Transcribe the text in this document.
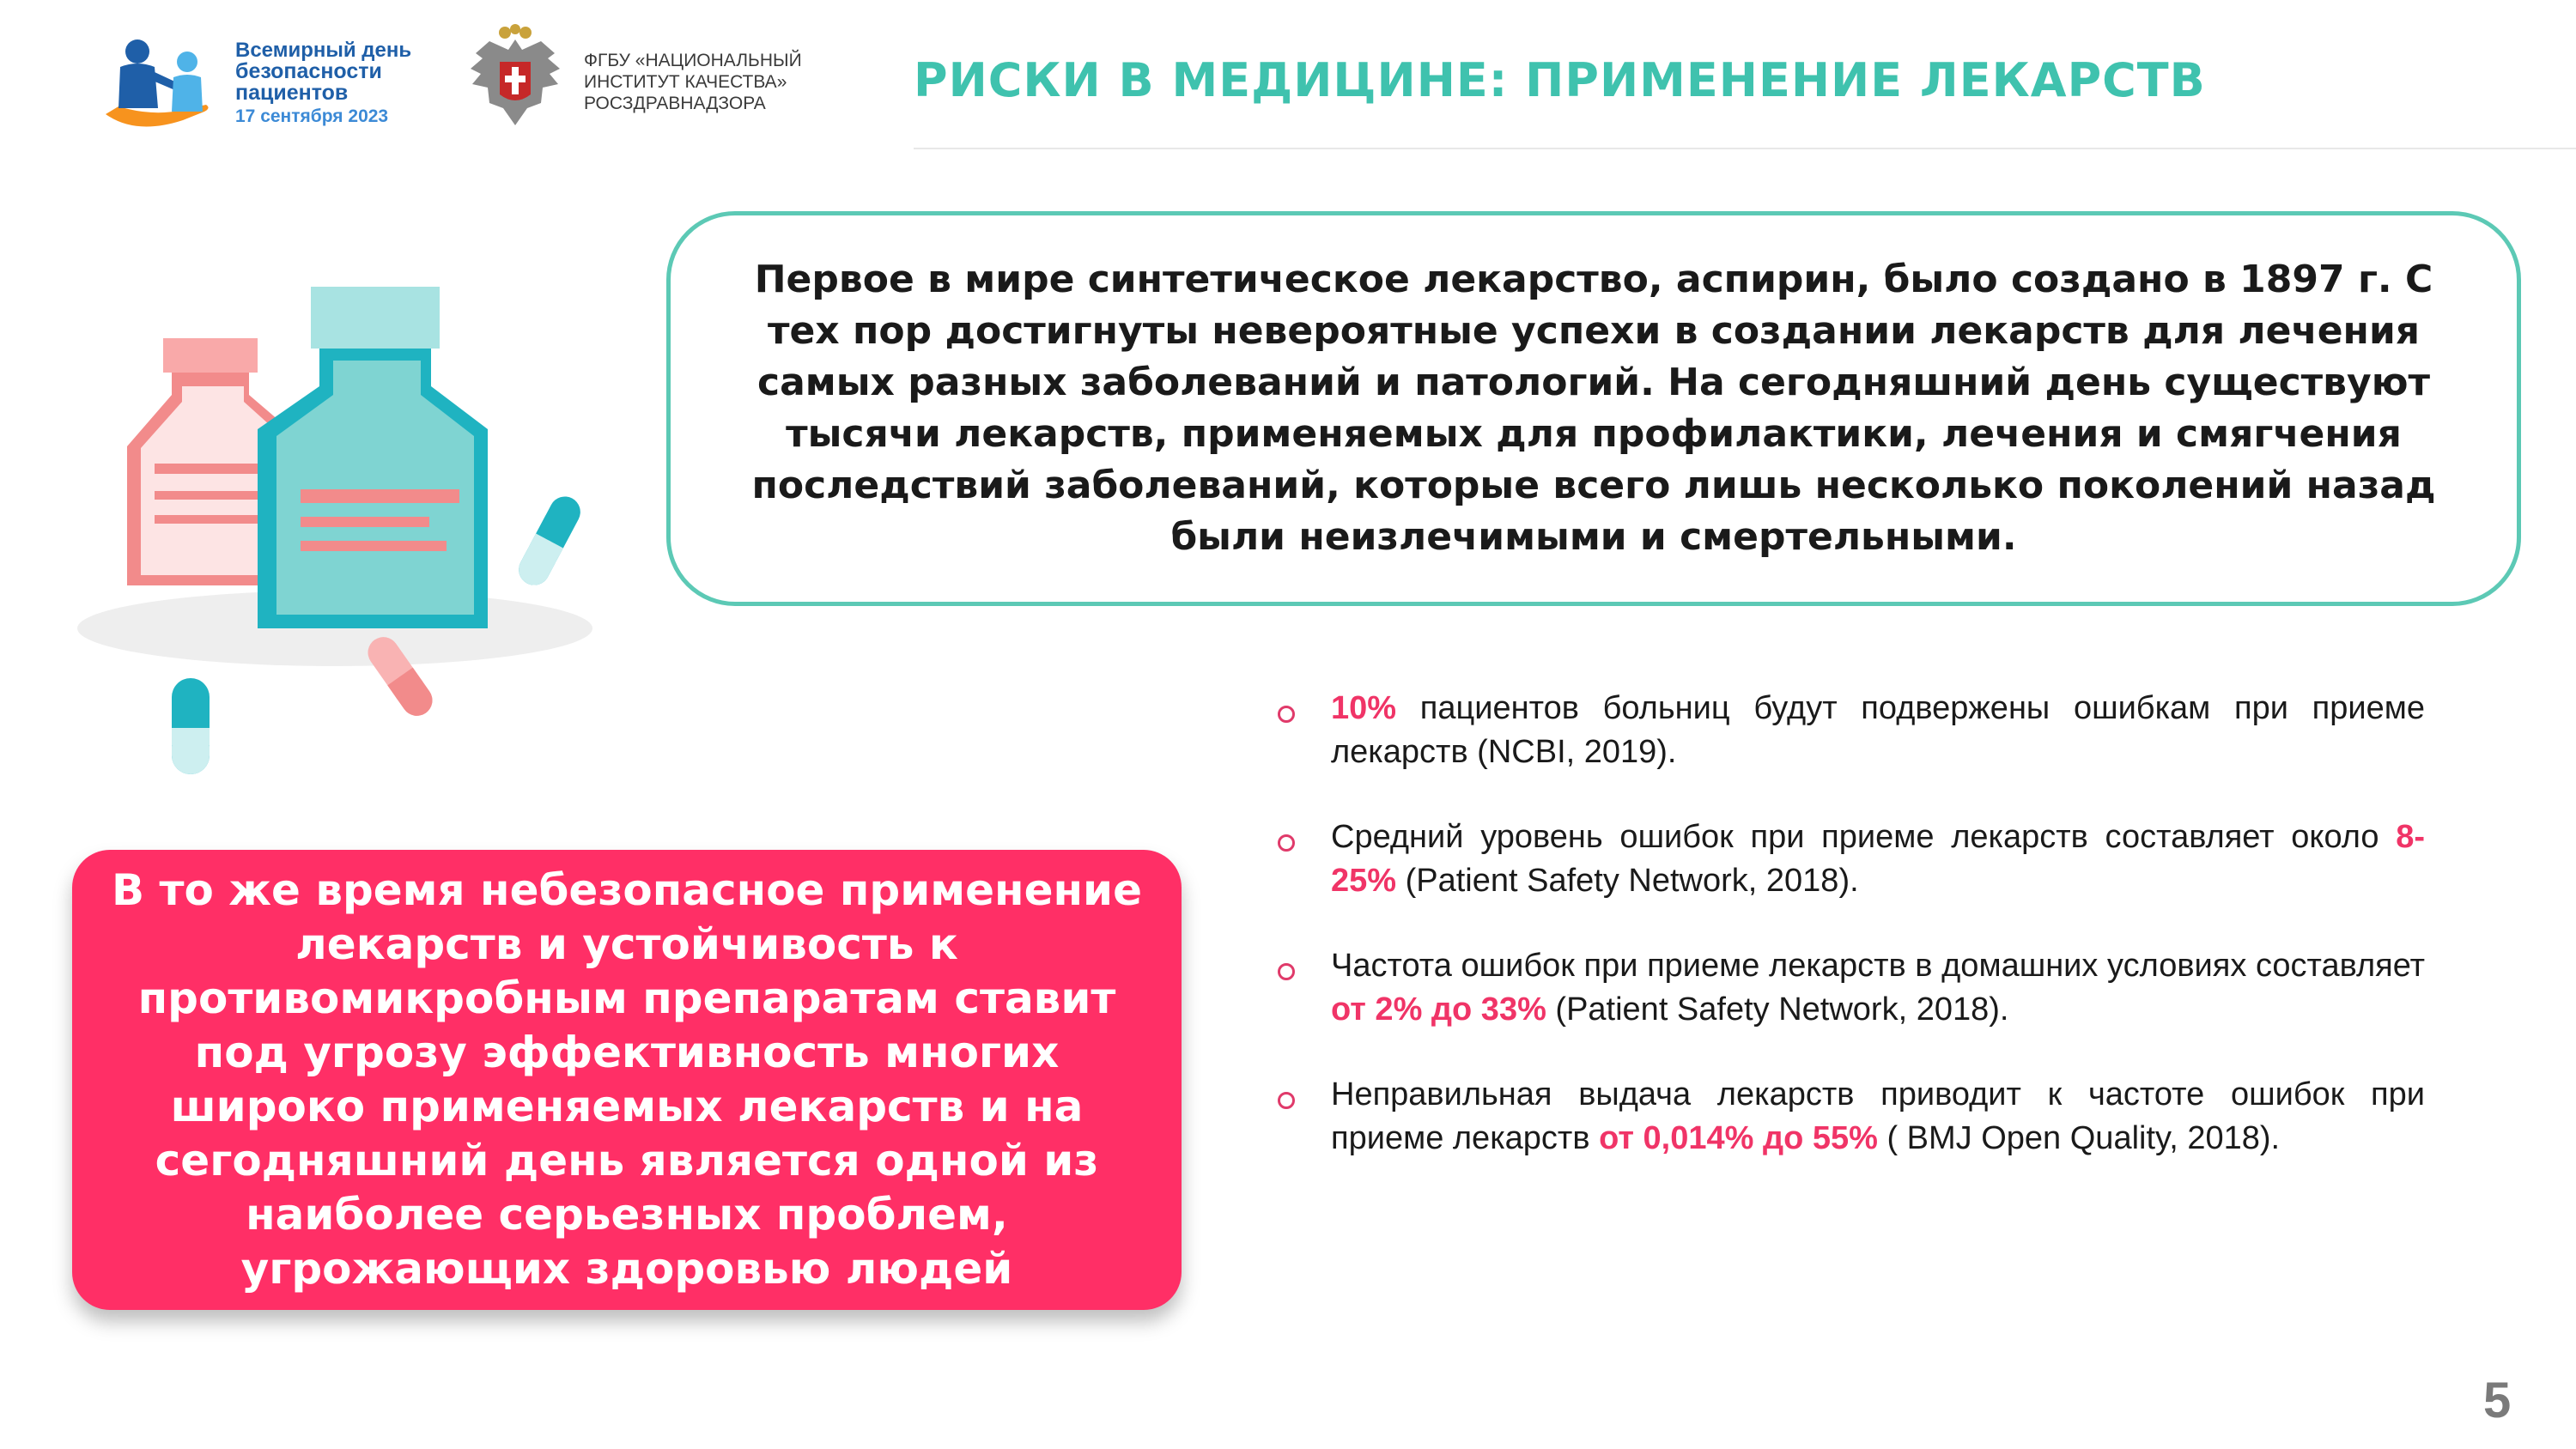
Всемирный день
безопасности
пациентов
17 сентября 2023
ФГБУ «НАЦИОНАЛЬНЫЙ
ИНСТИТУТ КАЧЕСТВА»
РОСЗДРАВНАДЗОРА	РИСКИ В МЕДИЦИНЕ: ПРИМЕНЕНИЕ ЛЕКАРСТВ

Первое в мире синтетическое лекарство, аспирин, было создано в 1897 г. С тех пор достигнуты невероятные успехи в создании лекарств для лечения самых разных заболеваний и патологий. На сегодняшний день существуют тысячи лекарств, применяемых для профилактики, лечения и смягчения последствий заболеваний, которые всего лишь несколько поколений назад были неизлечимыми и смертельными.

10% пациентов больниц будут подвержены ошибкам при приеме лекарств (NCBI, 2019).
Средний уровень ошибок при приеме лекарств составляет около 8-25% (Patient Safety Network, 2018).
Частота ошибок при приеме лекарств в домашних условиях составляет от 2% до 33% (Patient Safety Network, 2018).
Неправильная выдача лекарств приводит к частоте ошибок при приеме лекарств от 0,014% до 55% ( BMJ Open Quality, 2018).

В то же время небезопасное применение лекарств и устойчивость к противомикробным препаратам ставит под угрозу эффективность многих широко применяемых лекарств и на сегодняшний день является одной из наиболее серьезных проблем, угрожающих здоровью людей

5
